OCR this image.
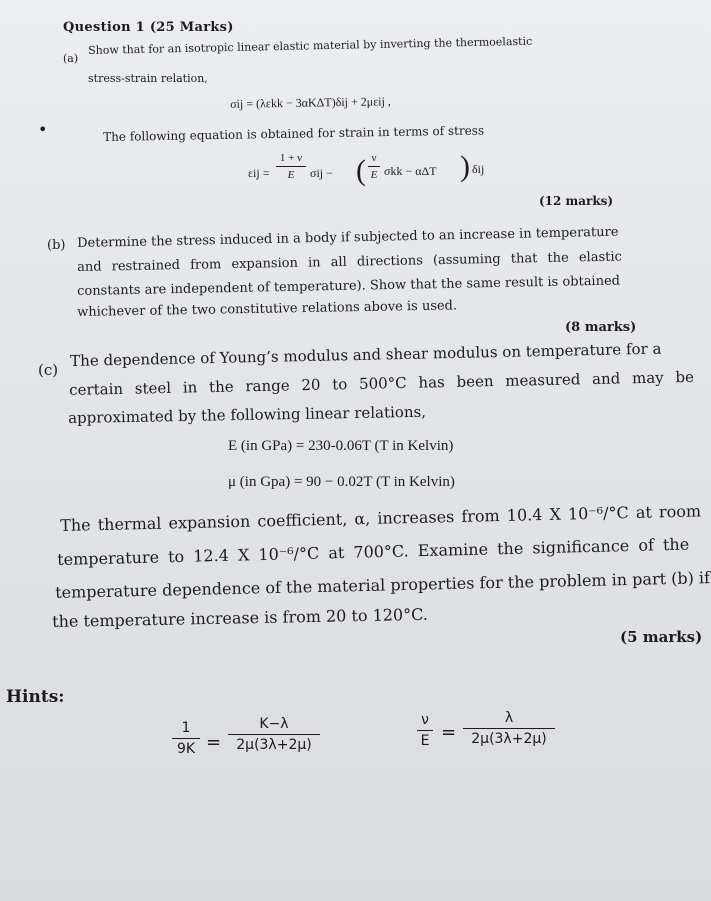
Question 1 (25 Marks)
(a)
Show that for an isotropic linear elastic material by inverting the thermoelastic
stress-strain relation,
σij = (λεkk − 3αKΔT)δij + 2μεij ,
•	The following equation is obtained for strain in terms of stress
εij =
1 + ν
E	σij − ( ν
E σkk − αΔT ) δij
(12 marks)
(b) Determine the stress induced in a body if subjected to an increase in temperature
and restrained from expansion in all directions (assuming that the elastic
constants are independent of temperature). Show that the same result is obtained
whichever of the two constitutive relations above is used.
(8 marks)
(c)
The dependence of Young’s modulus and shear modulus on temperature for a
certain steel in the range 20 to 500°C has been measured and may be
approximated by the following linear relations,
E (in GPa) = 230-0.06T (T in Kelvin)
μ (in Gpa) = 90 − 0.02T (T in Kelvin)
The thermal expansion coefficient, α, increases from 10.4 X 10⁻⁶/°C at room
temperature to 12.4 X 10⁻⁶/°C at 700°C. Examine the significance of the
temperature dependence of the material properties for the problem in part (b) if
the temperature increase is from 20 to 120°C.
(5 marks)
Hints:
1
9K =
K−λ
2μ(3λ+2μ)
ν
E =
λ
2μ(3λ+2μ)
